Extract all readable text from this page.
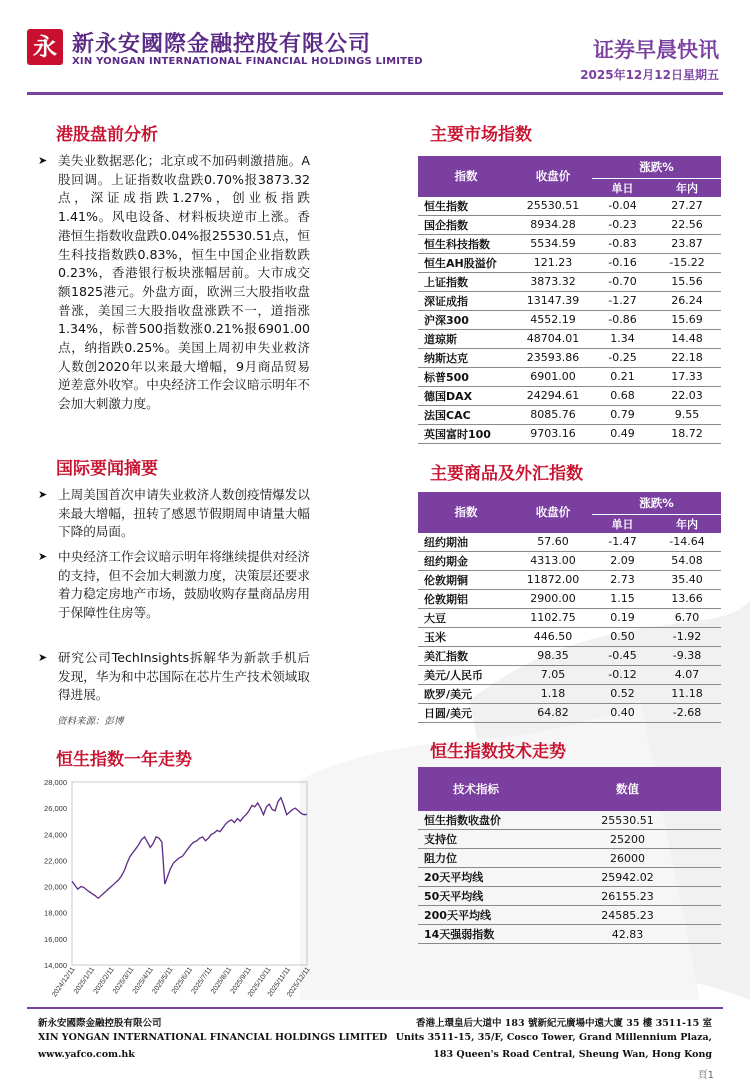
永 新永安國際金融控股有限公司
XIN YONGAN INTERNATIONAL FINANCIAL HOLDINGS LIMITED	证券早晨快讯
2025年12月12日星期五
港股盘前分析
➤ 美失业数据恶化；北京或不加码刺激措施。A股回调。上证指数收盘跌0.70%报3873.32点，深证成指跌1.27%，创业板指跌1.41%。风电设备、材料板块逆市上涨。香港恒生指数收盘跌0.04%报25530.51点，恒生科技指数跌0.83%，恒生中国企业指数跌0.23%，香港银行板块涨幅居前。大市成交额1825港元。外盘方面，欧洲三大股指收盘普涨，美国三大股指收盘涨跌不一，道指涨1.34%，标普500指数涨0.21%报6901.00点，纳指跌0.25%。美国上周初申失业救济人数创2020年以来最大增幅，9月商品贸易逆差意外收窄。中央经济工作会议暗示明年不会加大刺激力度。
国际要闻摘要
➤ 上周美国首次申请失业救济人数创疫情爆发以来最大增幅，扭转了感恩节假期周申请量大幅下降的局面。
➤ 中央经济工作会议暗示明年将继续提供对经济的支持，但不会加大刺激力度，决策层还要求着力稳定房地产市场，鼓励收购存量商品房用于保障性住房等。
➤ 研究公司TechInsights拆解华为新款手机后发现，华为和中芯国际在芯片生产技术领域取得进展。
资料来源：彭博
恒生指数一年走势
28,000
26,000
24,000
22,000
20,000
18,000
16,000
14,000
2024/12/11
2025/1/11
2025/2/11
2025/3/11
2025/4/11
2025/5/11
2025/6/11
2025/7/11
2025/8/11
2025/9/11
2025/10/11
2025/11/11
2025/12/11
主要市场指数
指数	收盘价	涨跌%	
		单日	年内
恒生指数	25530.51	-0.04	27.27
国企指数	8934.28	-0.23	22.56
恒生科技指数	5534.59	-0.83	23.87
恒生AH股溢价	121.23	-0.16	-15.22
上证指数	3873.32	-0.70	15.56
深证成指	13147.39	-1.27	26.24
沪深300	4552.19	-0.86	15.69
道琼斯	48704.01	1.34	14.48
纳斯达克	23593.86	-0.25	22.18
标普500	6901.00	0.21	17.33
德国DAX	24294.61	0.68	22.03
法国CAC	8085.76	0.79	9.55
英国富时100	9703.16	0.49	18.72
主要商品及外汇指数
指数	收盘价	涨跌%	
		单日	年内
纽约期油	57.60	-1.47	-14.64
纽约期金	4313.00	2.09	54.08
伦敦期铜	11872.00	2.73	35.40
伦敦期铝	2900.00	1.15	13.66
大豆	1102.75	0.19	6.70
玉米	446.50	0.50	-1.92
美汇指数	98.35	-0.45	-9.38
美元/人民币	7.05	-0.12	4.07
欧罗/美元	1.18	0.52	11.18
日圆/美元	64.82	0.40	-2.68
恒生指数技术走势
技术指标	数值
恒生指数收盘价	25530.51
支持位	25200
阻力位	26000
20天平均线	25942.02
50天平均线	26155.23
200天平均线	24585.23
14天强弱指数	42.83
新永安國際金融控股有限公司
XIN YONGAN INTERNATIONAL FINANCIAL HOLDINGS LIMITED
www.yafco.com.hk
香港上環皇后大道中 183 號新紀元廣場中遠大廈 35 樓 3511-15 室
Units 3511-15, 35/F, Cosco Tower, Grand Millennium Plaza,
183 Queen's Road Central, Sheung Wan, Hong Kong
頁1
